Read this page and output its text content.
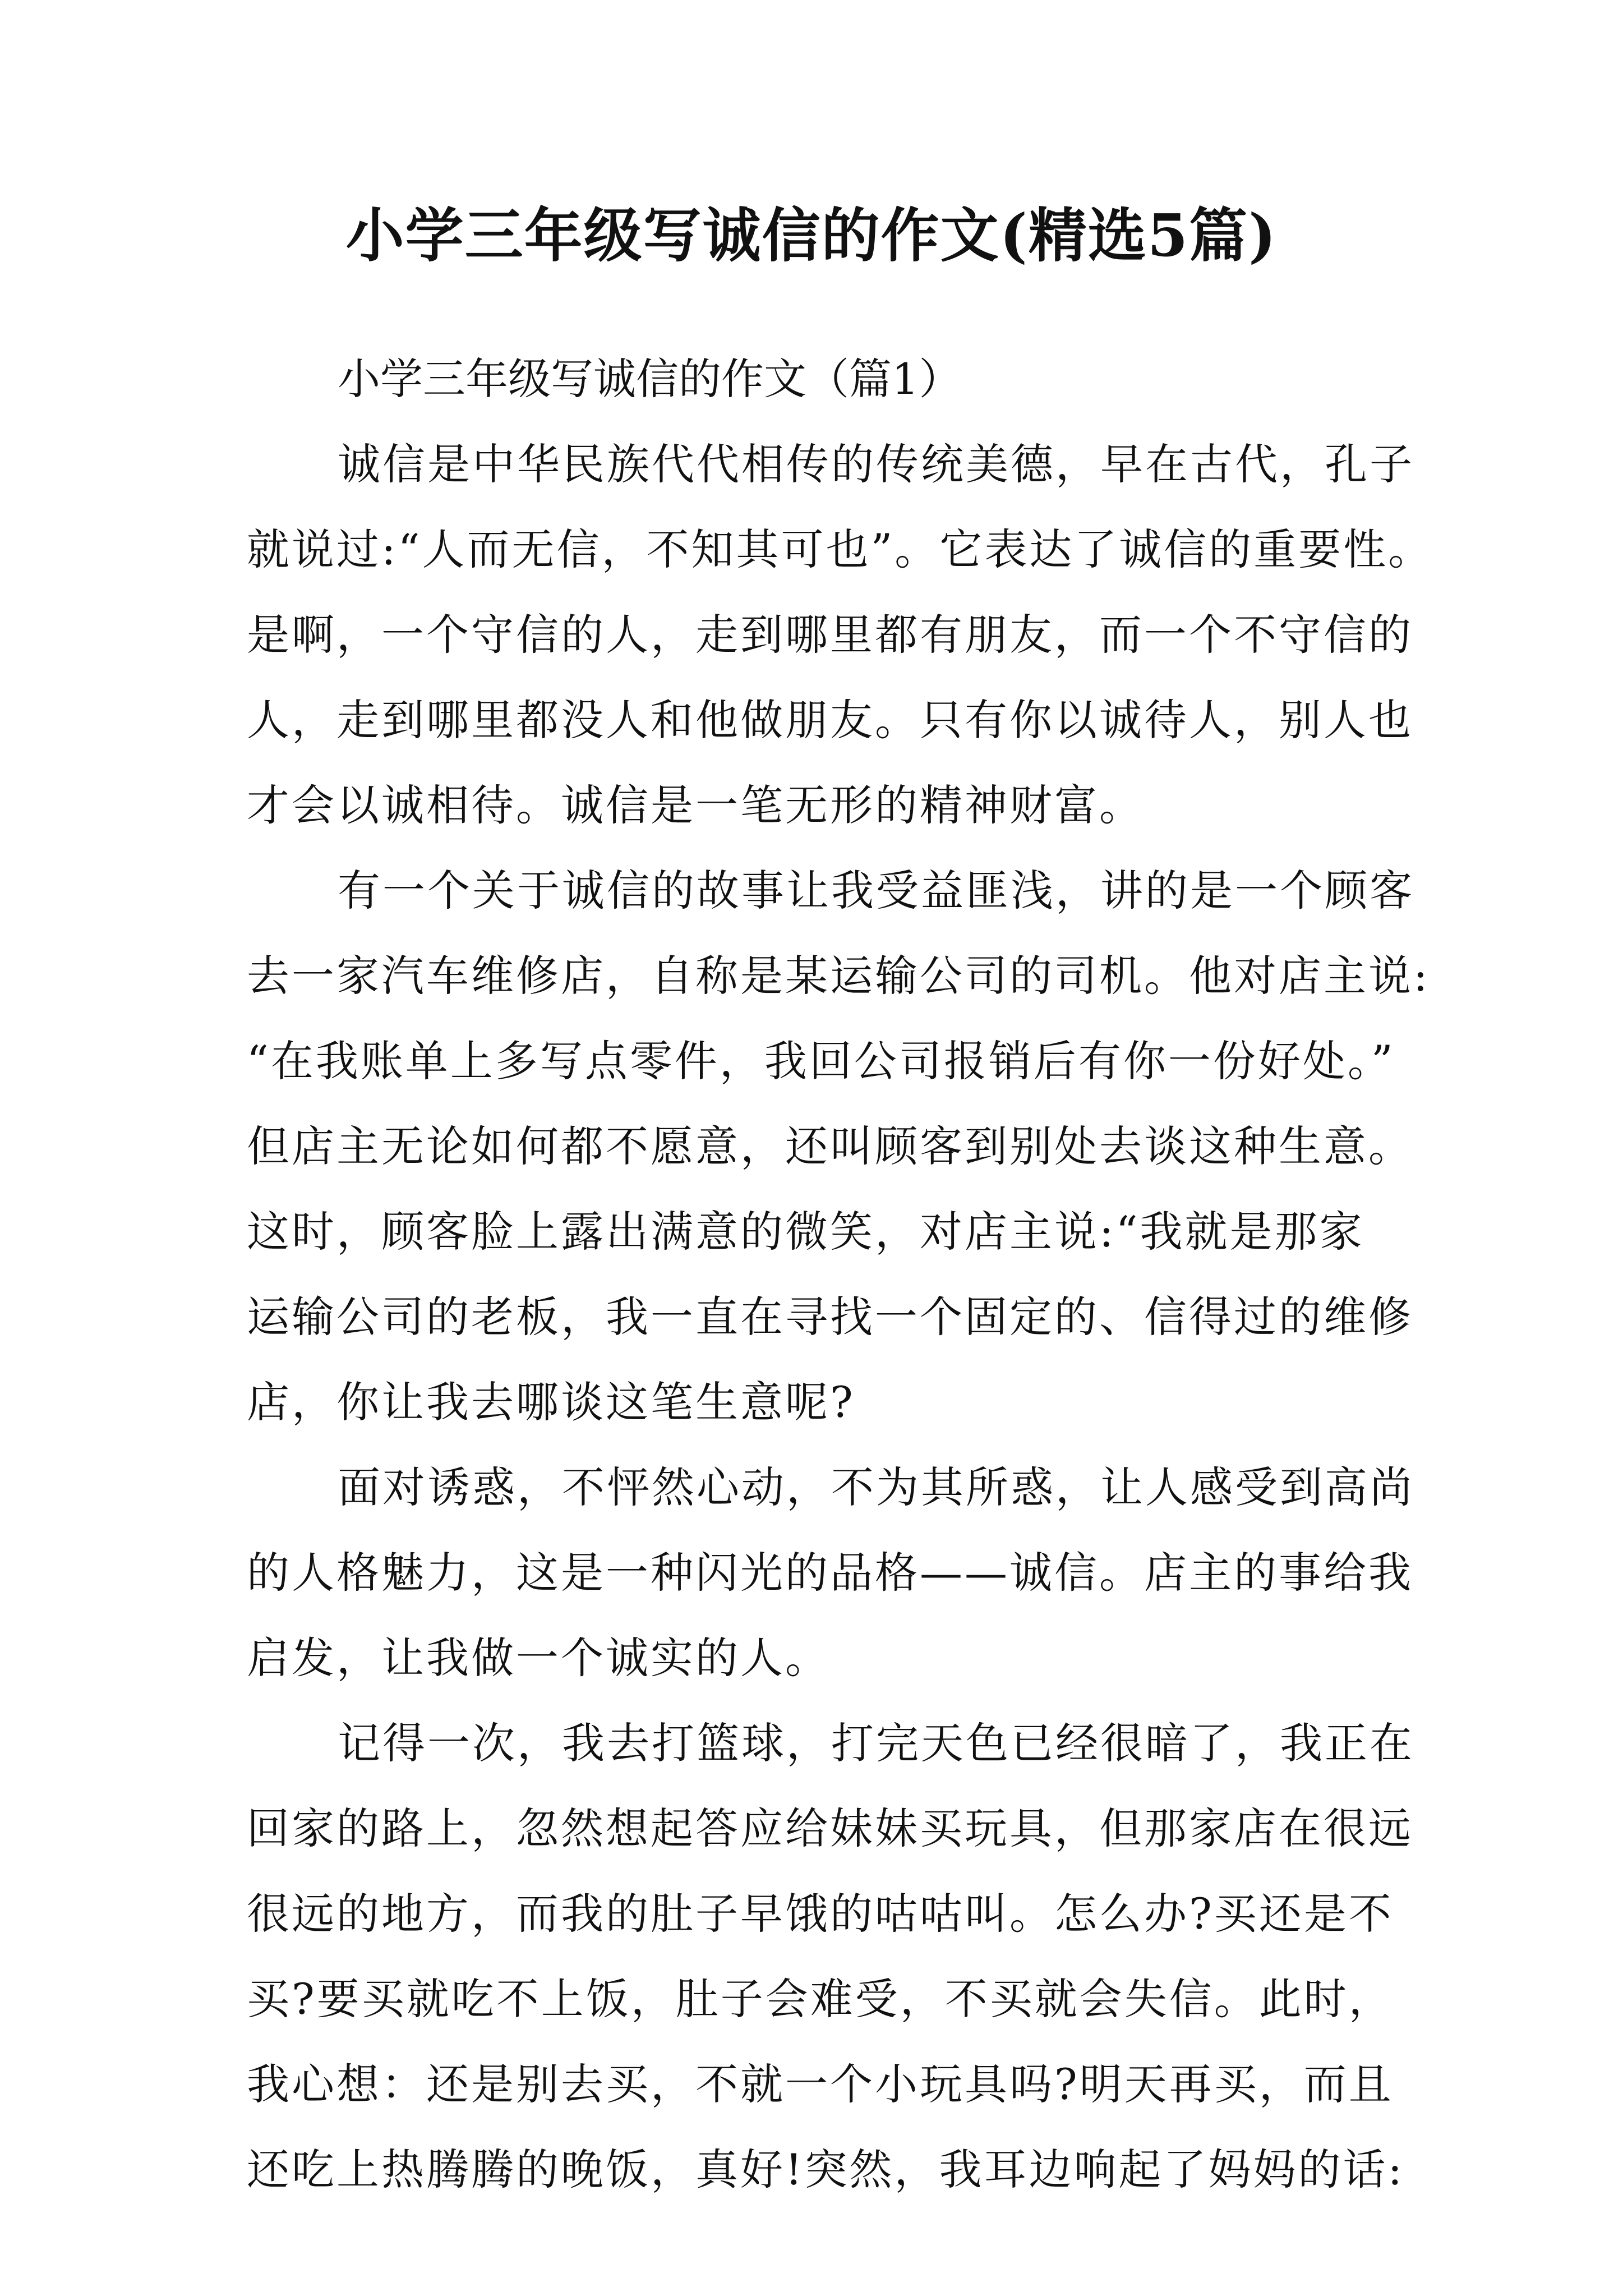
小学三年级写诚信的作文(精选5篇)

小学三年级写诚信的作文（篇1）

诚信是中华民族代代相传的传统美德，早在古代，孔子

就说过:“人而无信，不知其可也”。它表达了诚信的重要性。

是啊，一个守信的人，走到哪里都有朋友，而一个不守信的

人，走到哪里都没人和他做朋友。只有你以诚待人，别人也

才会以诚相待。诚信是一笔无形的精神财富。

有一个关于诚信的故事让我受益匪浅，讲的是一个顾客

去一家汽车维修店，自称是某运输公司的司机。他对店主说:

“在我账单上多写点零件，我回公司报销后有你一份好处。”

但店主无论如何都不愿意，还叫顾客到别处去谈这种生意。

这时，顾客脸上露出满意的微笑，对店主说:“我就是那家

运输公司的老板，我一直在寻找一个固定的、信得过的维修

店，你让我去哪谈这笔生意呢?

面对诱惑，不怦然心动，不为其所惑，让人感受到高尚

的人格魅力，这是一种闪光的品格——诚信。店主的事给我

启发，让我做一个诚实的人。

记得一次，我去打篮球，打完天色已经很暗了，我正在

回家的路上，忽然想起答应给妹妹买玩具，但那家店在很远

很远的地方，而我的肚子早饿的咕咕叫。怎么办?买还是不

买?要买就吃不上饭，肚子会难受，不买就会失信。此时，

我心想：还是别去买，不就一个小玩具吗?明天再买，而且

还吃上热腾腾的晚饭，真好!突然，我耳边响起了妈妈的话:
